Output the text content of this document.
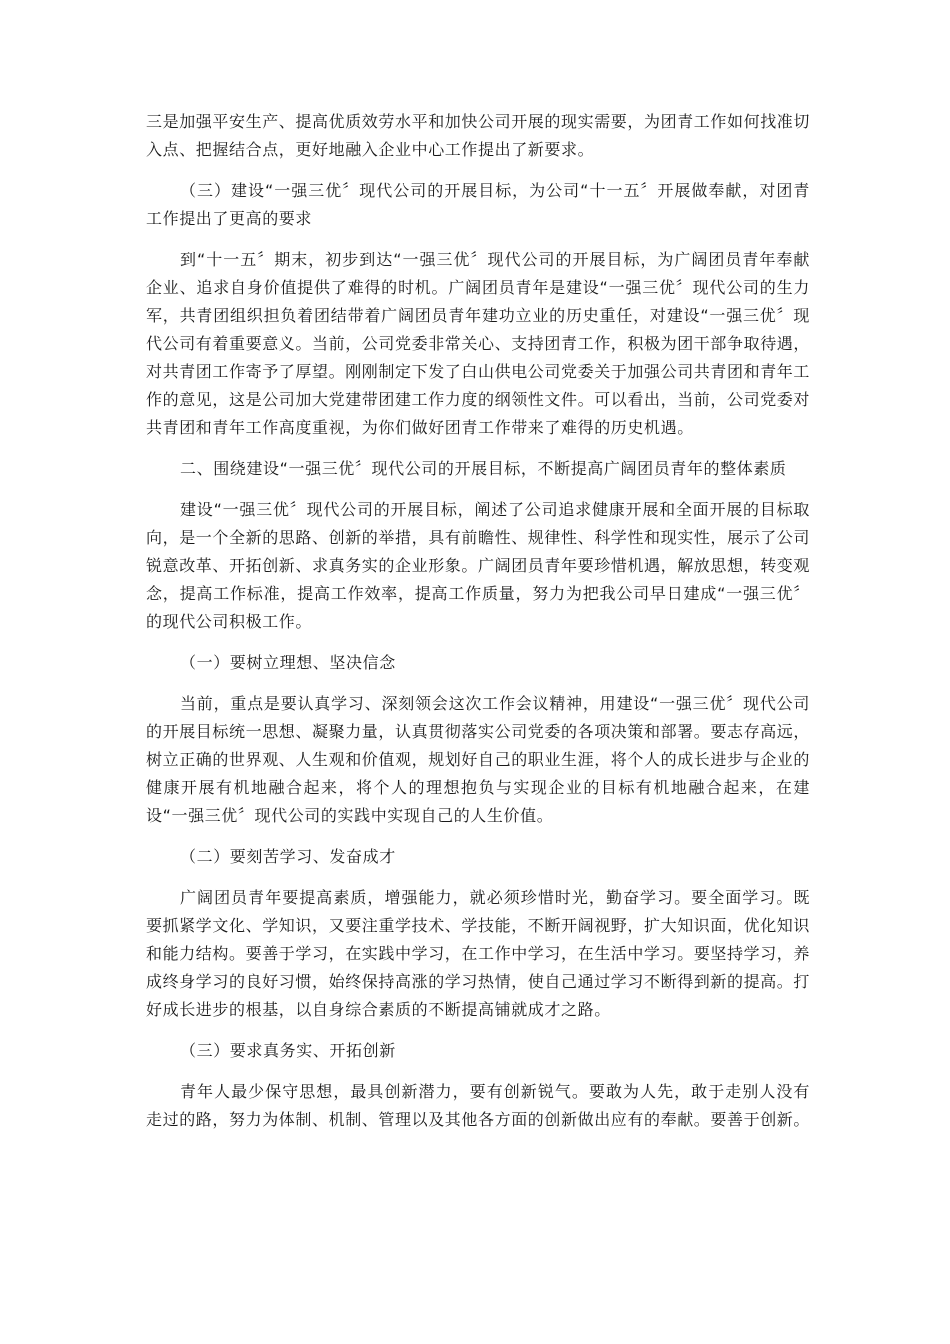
三是加强平安生产、提高优质效劳水平和加快公司开展的现实需要，为团青工作如何找准切入点、把握结合点，更好地融入企业中心工作提出了新要求。

（三）建设“一强三优〞现代公司的开展目标，为公司“十一五〞开展做奉献，对团青工作提出了更高的要求

到“十一五〞期末，初步到达“一强三优〞现代公司的开展目标，为广阔团员青年奉献企业、追求自身价值提供了难得的时机。广阔团员青年是建设“一强三优〞现代公司的生力军，共青团组织担负着团结带着广阔团员青年建功立业的历史重任，对建设“一强三优〞现代公司有着重要意义。当前，公司党委非常关心、支持团青工作，积极为团干部争取待遇，对共青团工作寄予了厚望。刚刚制定下发了白山供电公司党委关于加强公司共青团和青年工作的意见，这是公司加大党建带团建工作力度的纲领性文件。可以看出，当前，公司党委对共青团和青年工作高度重视，为你们做好团青工作带来了难得的历史机遇。

二、围绕建设“一强三优〞现代公司的开展目标，不断提高广阔团员青年的整体素质

建设“一强三优〞现代公司的开展目标，阐述了公司追求健康开展和全面开展的目标取向，是一个全新的思路、创新的举措，具有前瞻性、规律性、科学性和现实性，展示了公司锐意改革、开拓创新、求真务实的企业形象。广阔团员青年要珍惜机遇，解放思想，转变观念，提高工作标准，提高工作效率，提高工作质量，努力为把我公司早日建成“一强三优〞的现代公司积极工作。

（一）要树立理想、坚决信念

当前，重点是要认真学习、深刻领会这次工作会议精神，用建设“一强三优〞现代公司的开展目标统一思想、凝聚力量，认真贯彻落实公司党委的各项决策和部署。要志存高远，树立正确的世界观、人生观和价值观，规划好自己的职业生涯，将个人的成长进步与企业的健康开展有机地融合起来，将个人的理想抱负与实现企业的目标有机地融合起来，在建设“一强三优〞现代公司的实践中实现自己的人生价值。

（二）要刻苦学习、发奋成才

广阔团员青年要提高素质，增强能力，就必须珍惜时光，勤奋学习。要全面学习。既要抓紧学文化、学知识，又要注重学技术、学技能，不断开阔视野，扩大知识面，优化知识和能力结构。要善于学习，在实践中学习，在工作中学习，在生活中学习。要坚持学习，养成终身学习的良好习惯，始终保持高涨的学习热情，使自己通过学习不断得到新的提高。打好成长进步的根基，以自身综合素质的不断提高铺就成才之路。

（三）要求真务实、开拓创新

青年人最少保守思想，最具创新潜力，要有创新锐气。要敢为人先，敢于走别人没有走过的路，努力为体制、机制、管理以及其他各方面的创新做出应有的奉献。要善于创新。
